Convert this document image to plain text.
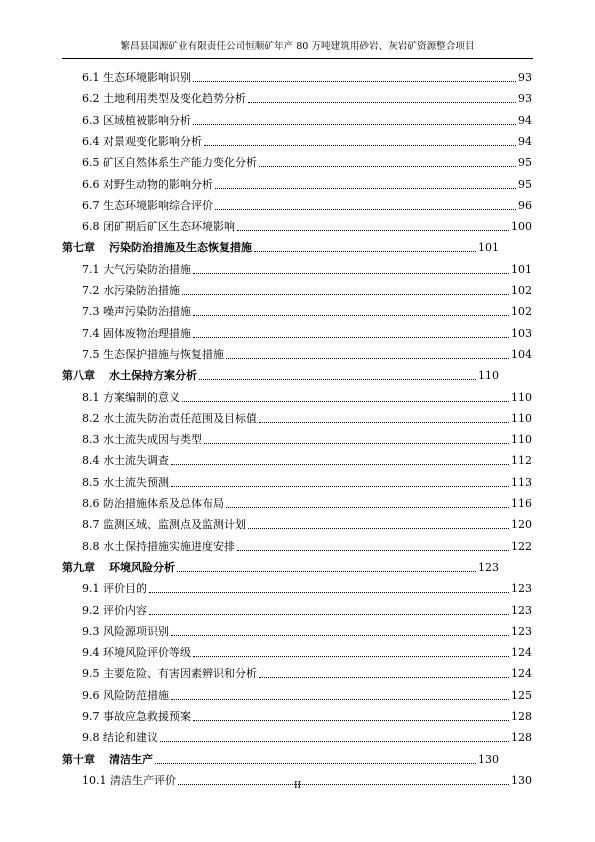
繁昌县国源矿业有限责任公司恒顺矿年产 80 万吨建筑用砂岩、灰岩矿资源整合项目
6.1 生态环境影响识别	93
6.2 土地利用类型及变化趋势分析	93
6.3 区域植被影响分析	94
6.4 对景观变化影响分析	94
6.5 矿区自然体系生产能力变化分析	95
6.6 对野生动物的影响分析	95
6.7 生态环境影响综合评价	96
6.8 闭矿期后矿区生态环境影响	100
第七章 污染防治措施及生态恢复措施	101
7.1 大气污染防治措施	101
7.2 水污染防治措施	102
7.3 噪声污染防治措施	102
7.4 固体废物治理措施	103
7.5 生态保护措施与恢复措施	104
第八章 水土保持方案分析	110
8.1 方案编制的意义	110
8.2 水土流失防治责任范围及目标值	110
8.3 水土流失成因与类型	110
8.4 水土流失调查	112
8.5 水土流失预测	113
8.6 防治措施体系及总体布局	116
8.7 监测区域、监测点及监测计划	120
8.8 水土保持措施实施进度安排	122
第九章 环境风险分析	123
9.1 评价目的	123
9.2 评价内容	123
9.3 风险源项识别	123
9.4 环境风险评价等级	124
9.5 主要危险、有害因素辨识和分析	124
9.6 风险防范措施	125
9.7 事故应急救援预案	128
9.8 结论和建议	128
第十章 清洁生产	130
10.1 清洁生产评价	130
II
